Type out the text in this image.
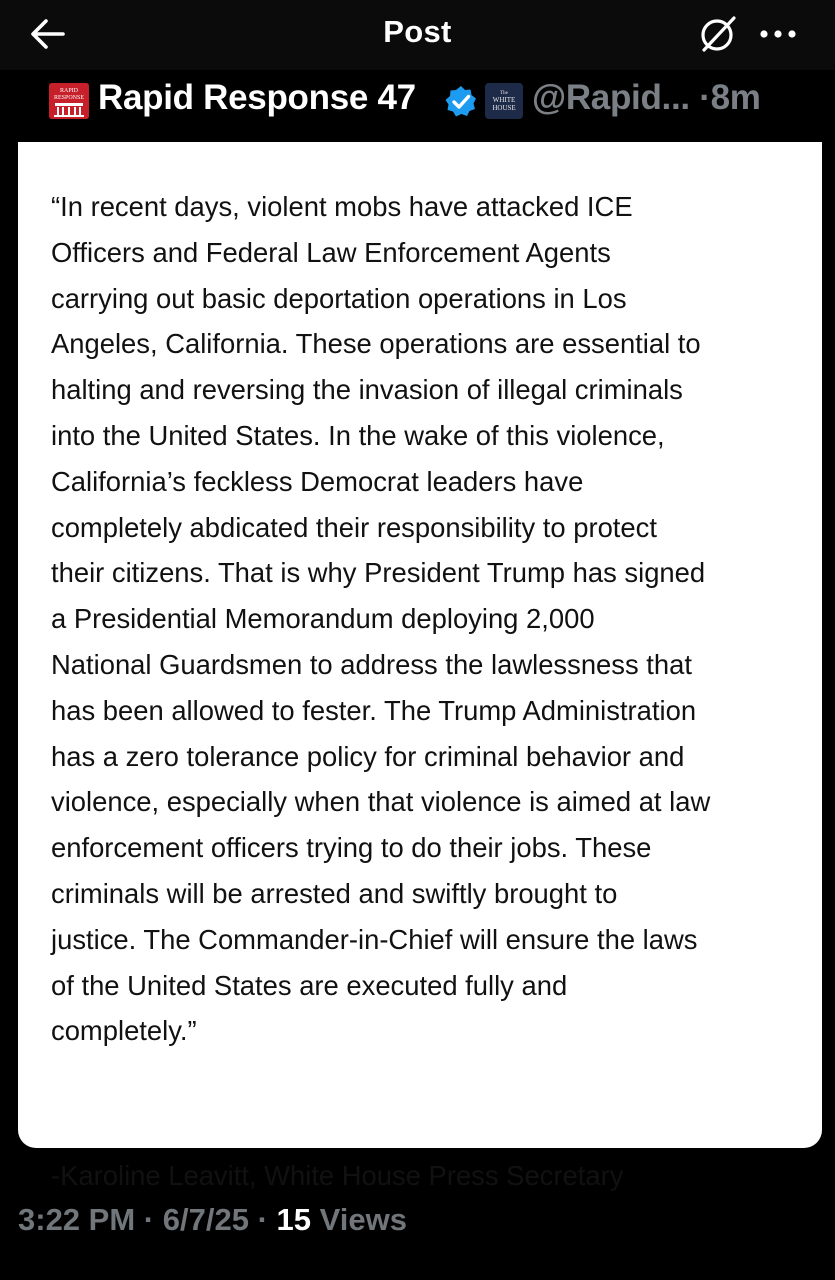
Post
RAPID
RESPONSE Rapid Response 47	The
WHITE
HOUSE @Rapid... ·8m

“In recent days, violent mobs have attacked ICE
Officers and Federal Law Enforcement Agents
carrying out basic deportation operations in Los
Angeles, California. These operations are essential to
halting and reversing the invasion of illegal criminals
into the United States. In the wake of this violence,
California’s feckless Democrat leaders have
completely abdicated their responsibility to protect
their citizens. That is why President Trump has signed
a Presidential Memorandum deploying 2,000
National Guardsmen to address the lawlessness that
has been allowed to fester. The Trump Administration
has a zero tolerance policy for criminal behavior and
violence, especially when that violence is aimed at law
enforcement officers trying to do their jobs. These
criminals will be arrested and swiftly brought to
justice. The Commander-in-Chief will ensure the laws
of the United States are executed fully and
completely.”

-Karoline Leavitt, White House Press Secretary

3:22 PM · 6/7/25 · 15 Views
